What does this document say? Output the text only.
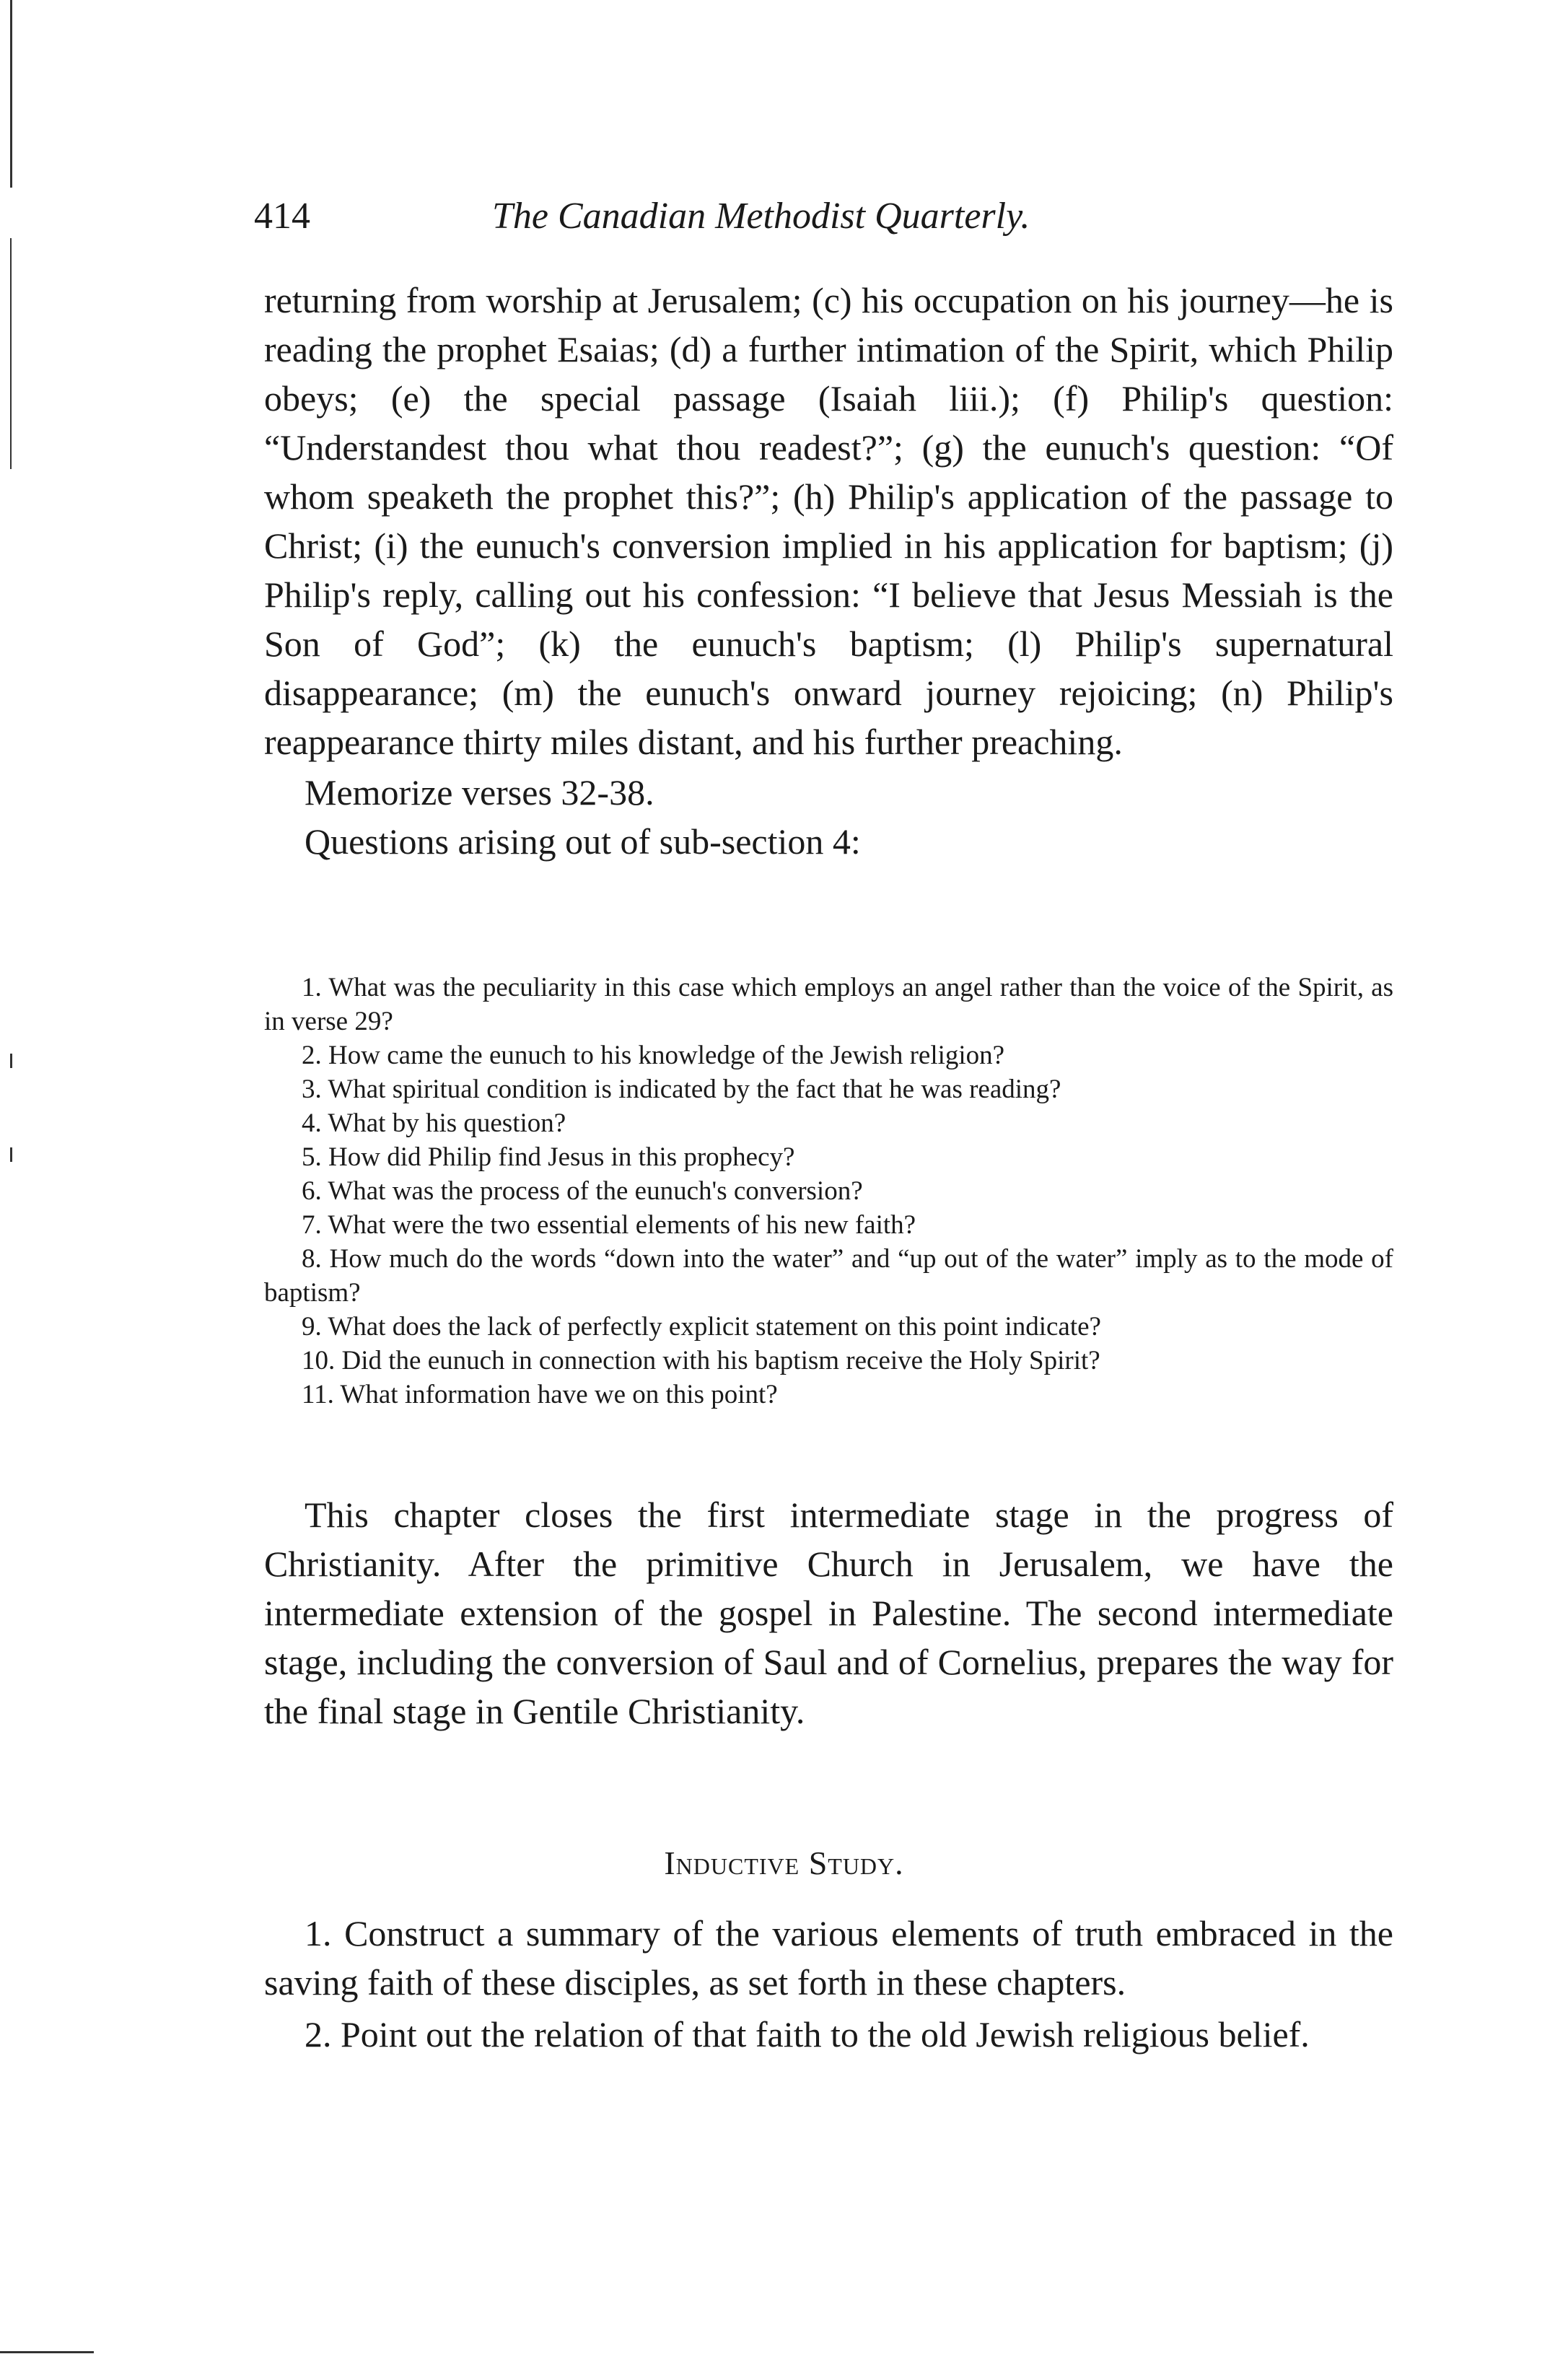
414	The Canadian Methodist Quarterly.

returning from worship at Jerusalem; (c) his occupation on his journey—he is reading the prophet Esaias; (d) a further intimation of the Spirit, which Philip obeys; (e) the special passage (Isaiah liii.); (f) Philip's question: “Understandest thou what thou readest?”; (g) the eunuch's question: “Of whom speaketh the prophet this?”; (h) Philip's application of the passage to Christ; (i) the eunuch's conversion implied in his application for baptism; (j) Philip's reply, calling out his confession: “I believe that Jesus Messiah is the Son of God”; (k) the eunuch's baptism; (l) Philip's supernatural disappearance; (m) the eunuch's onward journey rejoicing; (n) Philip's reappearance thirty miles distant, and his further preaching.

Memorize verses 32-38.

Questions arising out of sub-section 4:

1. What was the peculiarity in this case which employs an angel rather than the voice of the Spirit, as in verse 29?
2. How came the eunuch to his knowledge of the Jewish religion?
3. What spiritual condition is indicated by the fact that he was reading?
4. What by his question?
5. How did Philip find Jesus in this prophecy?
6. What was the process of the eunuch's conversion?
7. What were the two essential elements of his new faith?
8. How much do the words “down into the water” and “up out of the water” imply as to the mode of baptism?
9. What does the lack of perfectly explicit statement on this point indicate?
10. Did the eunuch in connection with his baptism receive the Holy Spirit?
11. What information have we on this point?

This chapter closes the first intermediate stage in the progress of Christianity. After the primitive Church in Jerusalem, we have the intermediate extension of the gospel in Palestine. The second intermediate stage, including the conversion of Saul and of Cornelius, prepares the way for the final stage in Gentile Christianity.

Inductive Study.

1. Construct a summary of the various elements of truth embraced in the saving faith of these disciples, as set forth in these chapters.

2. Point out the relation of that faith to the old Jewish religious belief.
